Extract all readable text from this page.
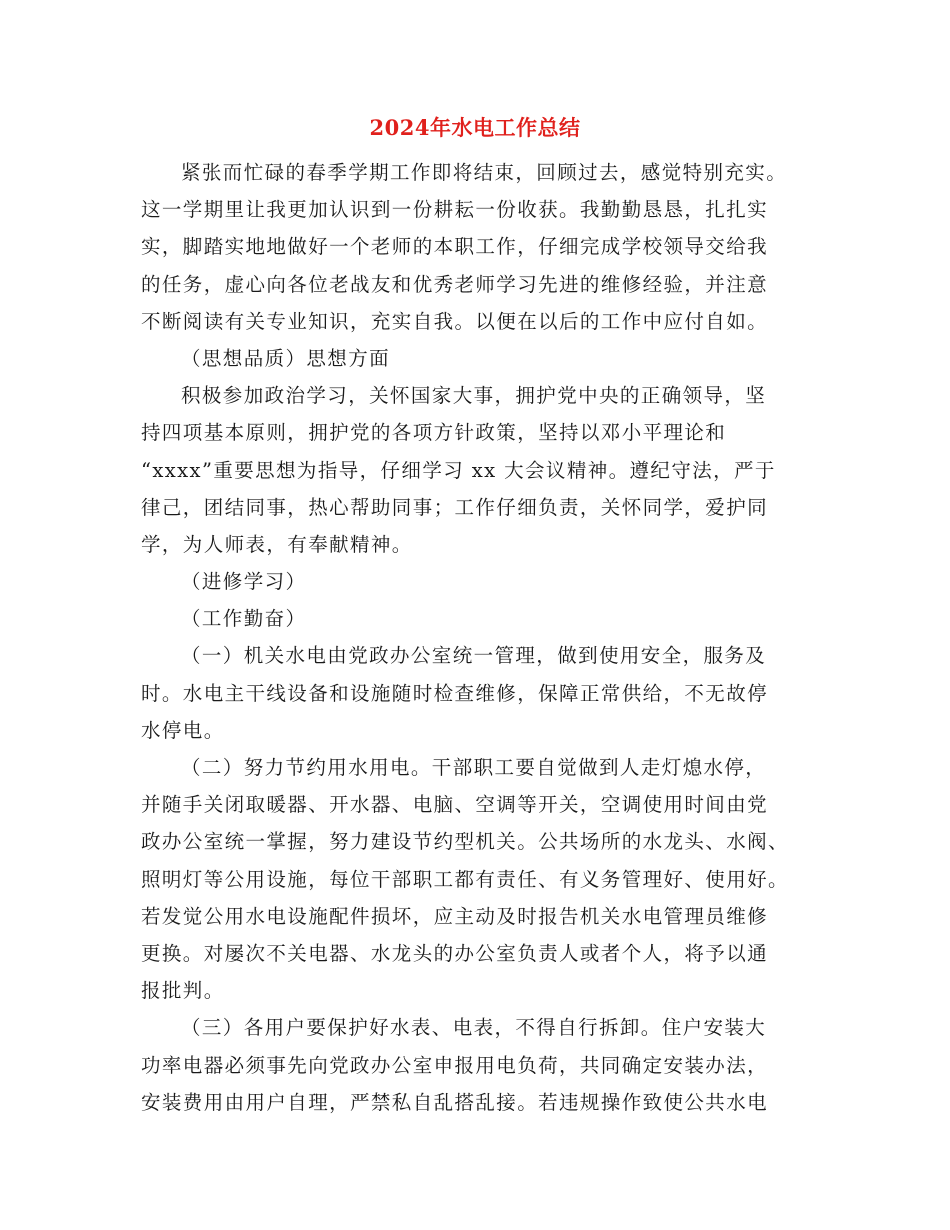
2024年水电工作总结
紧张而忙碌的春季学期工作即将结束，回顾过去，感觉特别充实。
这一学期里让我更加认识到一份耕耘一份收获。我勤勤恳恳，扎扎实
实，脚踏实地地做好一个老师的本职工作，仔细完成学校领导交给我
的任务，虚心向各位老战友和优秀老师学习先进的维修经验，并注意
不断阅读有关专业知识，充实自我。以便在以后的工作中应付自如。
（思想品质）思想方面
积极参加政治学习，关怀国家大事，拥护党中央的正确领导，坚
持四项基本原则，拥护党的各项方针政策，坚持以邓小平理论和
“xxxx”重要思想为指导，仔细学习 xx 大会议精神。遵纪守法，严于
律己，团结同事，热心帮助同事；工作仔细负责，关怀同学，爱护同
学，为人师表，有奉献精神。
（进修学习）
（工作勤奋）
（一）机关水电由党政办公室统一管理，做到使用安全，服务及
时。水电主干线设备和设施随时检查维修，保障正常供给，不无故停
水停电。
（二）努力节约用水用电。干部职工要自觉做到人走灯熄水停，
并随手关闭取暖器、开水器、电脑、空调等开关，空调使用时间由党
政办公室统一掌握，努力建设节约型机关。公共场所的水龙头、水阀、
照明灯等公用设施，每位干部职工都有责任、有义务管理好、使用好。
若发觉公用水电设施配件损坏，应主动及时报告机关水电管理员维修
更换。对屡次不关电器、水龙头的办公室负责人或者个人，将予以通
报批判。
（三）各用户要保护好水表、电表，不得自行拆卸。住户安装大
功率电器必须事先向党政办公室申报用电负荷，共同确定安装办法，
安装费用由用户自理，严禁私自乱搭乱接。若违规操作致使公共水电
